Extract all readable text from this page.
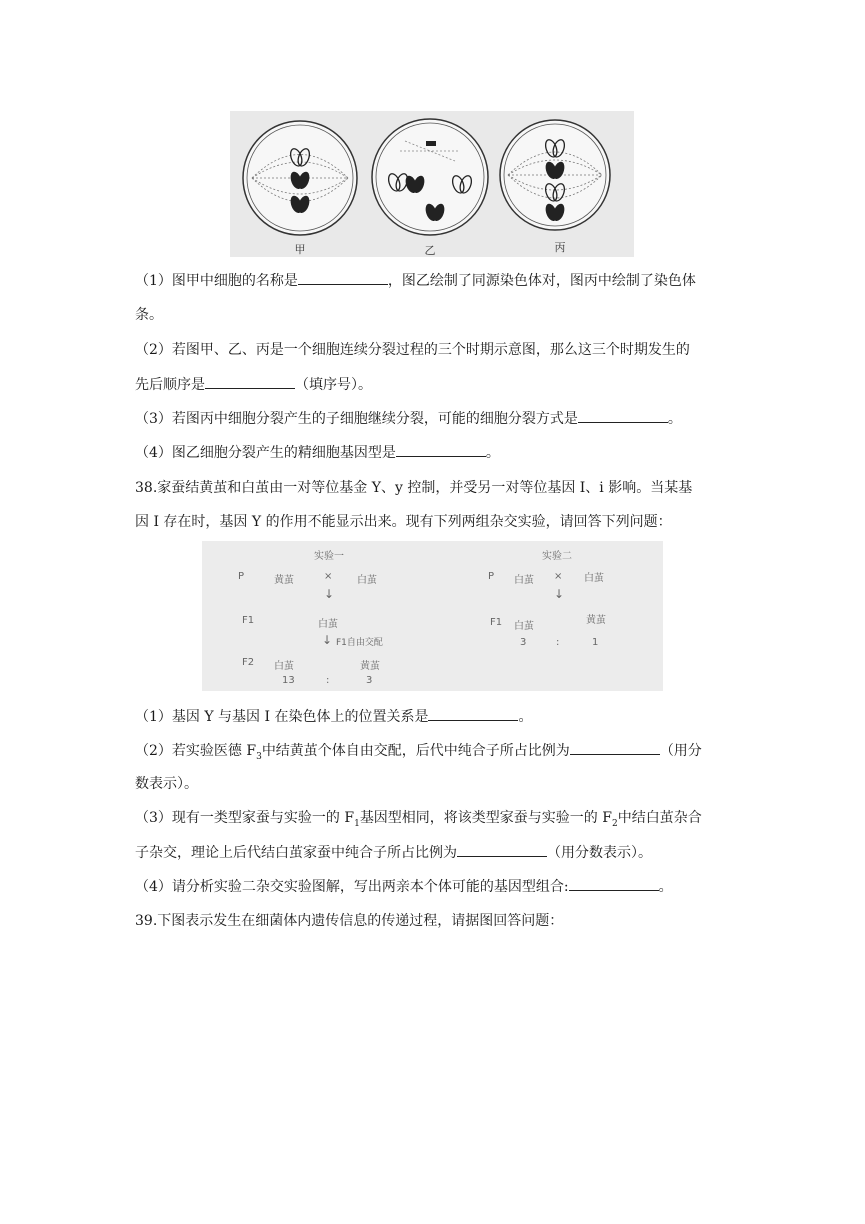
甲	乙	丙
（1）图甲中细胞的名称是	，图乙绘制了同源染色体对，图丙中绘制了染色体
条。
（2）若图甲、乙、丙是一个细胞连续分裂过程的三个时期示意图，那么这三个时期发生的
先后顺序是	（填序号）。
（3）若图丙中细胞分裂产生的子细胞继续分裂，可能的细胞分裂方式是	。
（4）图乙细胞分裂产生的精细胞基因型是	。
38.家蚕结黄茧和白茧由一对等位基金 Y、y 控制，并受另一对等位基因 I、i 影响。当某基
因 I 存在时，基因 Y 的作用不能显示出来。现有下列两组杂交实验，请回答下列问题：
实验一
P	黄茧	× 白茧
↓
F1	白茧
↓ F1自由交配
F2 白茧	黄茧
13	:	3
实验二
P 白茧 × 白茧
↓
F1 白茧
黄茧
3	:	1
（1）基因 Y 与基因 I 在染色体上的位置关系是	。
（2）若实验医德 $F_3$中结黄茧个体自由交配，后代中纯合子所占比例为	（用分
数表示）。
（3）现有一类型家蚕与实验一的 $F_1$基因型相同，将该类型家蚕与实验一的 $F_2$中结白茧杂合
子杂交，理论上后代结白茧家蚕中纯合子所占比例为	（用分数表示）。
（4）请分析实验二杂交实验图解，写出两亲本个体可能的基因型组合:	。
39.下图表示发生在细菌体内遗传信息的传递过程，请据图回答问题：
